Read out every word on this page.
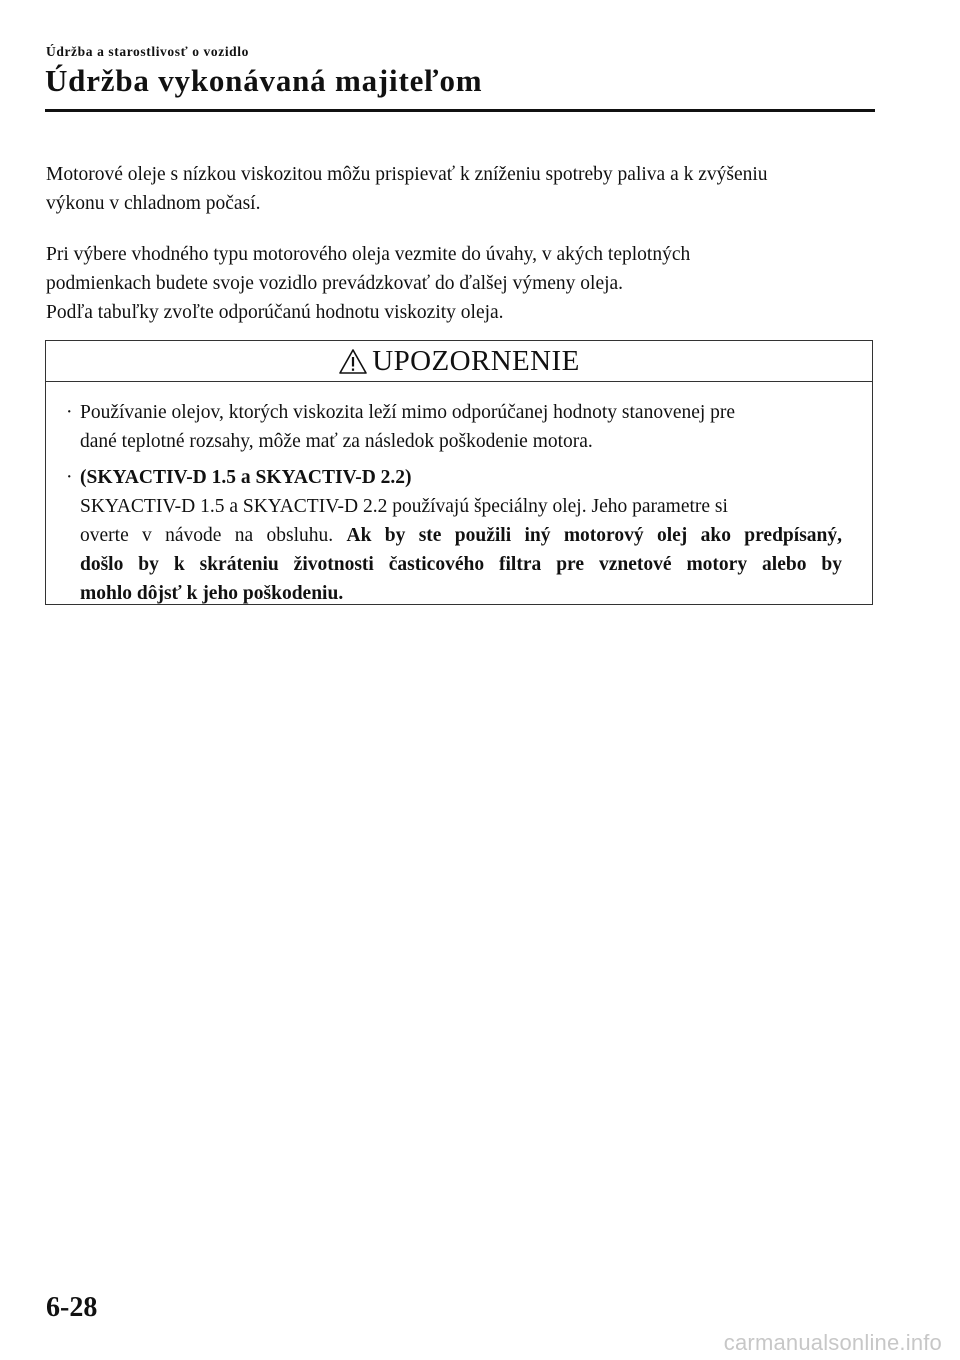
Údržba a starostlivosť o vozidlo
Údržba vykonávaná majiteľom

Motorové oleje s nízkou viskozitou môžu prispievať k zníženiu spotreby paliva a k zvýšeniu
výkonu v chladnom počasí.

Pri výbere vhodného typu motorového oleja vezmite do úvahy, v akých teplotných
podmienkach budete svoje vozidlo prevádzkovať do ďalšej výmeny oleja.
Podľa tabuľky zvoľte odporúčanú hodnotu viskozity oleja.

UPOZORNENIE
· Používanie olejov, ktorých viskozita leží mimo odporúčanej hodnoty stanovenej pre
dané teplotné rozsahy, môže mať za následok poškodenie motora.
· (SKYACTIV-D 1.5 a SKYACTIV-D 2.2)
SKYACTIV-D 1.5 a SKYACTIV-D 2.2 používajú špeciálny olej. Jeho parametre si
overte v návode na obsluhu. Ak by ste použili iný motorový olej ako predpísaný,
došlo by k skráteniu životnosti časticového filtra pre vznetové motory alebo by
mohlo dôjsť k jeho poškodeniu.
6-28
carmanualsonline.info
